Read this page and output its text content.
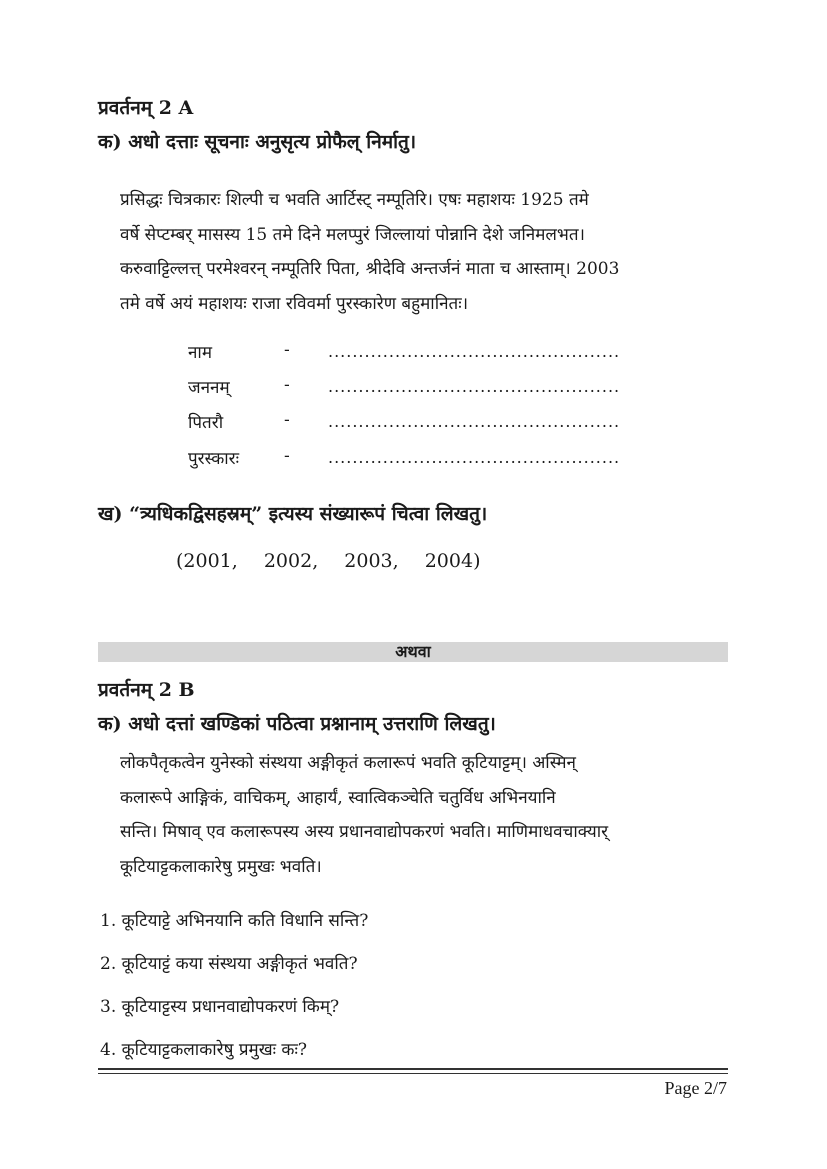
प्रवर्तनम् 2 A
क) अधो दत्ताः सूचनाः अनुसृत्य प्रोफैल् निर्मातु।
प्रसिद्धः चित्रकारः शिल्पी च भवति आर्टिस्ट् नम्पूतिरि। एषः महाशयः 1925 तमे
वर्षे सेप्टम्बर् मासस्य 15 तमे दिने मलप्पुरं जिल्लायां पोन्नानि देशे जनिमलभत।
करुवाट्टिल्लत्त् परमेश्वरन् नम्पूतिरि पिता, श्रीदेवि अन्तर्जनं माता च आस्ताम्। 2003
तमे वर्षे अयं महाशयः राजा रविवर्मा पुरस्कारेण बहुमानितः।
नाम	- ................................................
जननम्	- ................................................
पितरौ	- ................................................
पुरस्कारः	- ................................................
ख) “त्र्यधिकद्विसहस्रम्” इत्यस्य संख्यारूपं चित्वा लिखतु।
(2001, 2002, 2003, 2004)
अथवा
प्रवर्तनम् 2 B
क) अधो दत्तां खण्डिकां पठित्वा प्रश्नानाम् उत्तराणि लिखतु।
लोकपैतृकत्वेन युनेस्को संस्थया अङ्गीकृतं कलारूपं भवति कूटियाट्टम्। अस्मिन्
कलारूपे आङ्गिकं, वाचिकम्, आहार्यं, स्वात्विकञ्चेति चतुर्विध अभिनयानि
सन्ति। मिषाव् एव कलारूपस्य अस्य प्रधानवाद्योपकरणं भवति। माणिमाधवचाक्यार्
कूटियाट्टकलाकारेषु प्रमुखः भवति।
1. कूटियाट्टे अभिनयानि कति विधानि सन्ति?
2. कूटियाट्टं कया संस्थया अङ्गीकृतं भवति?
3. कूटियाट्टस्य प्रधानवाद्योपकरणं किम्?
4. कूटियाट्टकलाकारेषु प्रमुखः कः?
Page 2/7
